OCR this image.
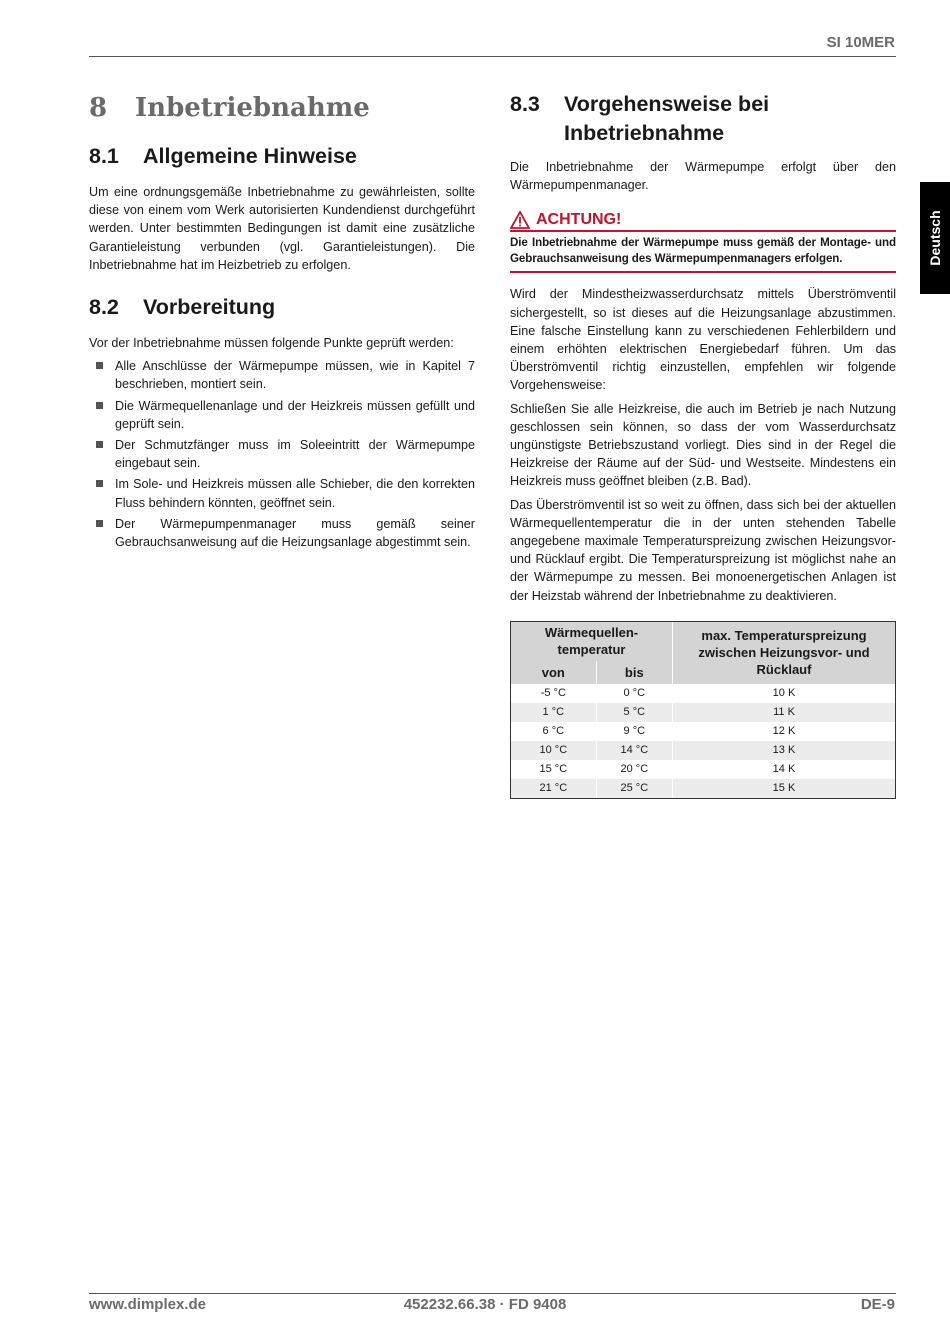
SI 10MER
Deutsch
8	Inbetriebnahme
8.1	Allgemeine Hinweise

Um eine ordnungsgemäße Inbetriebnahme zu gewährleisten, sollte diese von einem vom Werk autorisierten Kundendienst durchgeführt werden. Unter bestimmten Bedingungen ist damit eine zusätzliche Garantieleistung verbunden (vgl. Garantieleistungen). Die Inbetriebnahme hat im Heizbetrieb zu erfolgen.

8.2	Vorbereitung

Vor der Inbetriebnahme müssen folgende Punkte geprüft werden:

Alle Anschlüsse der Wärmepumpe müssen, wie in Kapitel 7 beschrieben, montiert sein.
Die Wärmequellenanlage und der Heizkreis müssen gefüllt und geprüft sein.
Der Schmutzfänger muss im Soleeintritt der Wärmepumpe eingebaut sein.
Im Sole- und Heizkreis müssen alle Schieber, die den korrekten Fluss behindern könnten, geöffnet sein.
Der Wärmepumpenmanager muss gemäß seiner Gebrauchsanweisung auf die Heizungsanlage abgestimmt sein.
8.3	Vorgehensweise bei
Inbetriebnahme

Die Inbetriebnahme der Wärmepumpe erfolgt über den Wärmepumpenmanager.

ACHTUNG!
Die Inbetriebnahme der Wärmepumpe muss gemäß der Montage- und Gebrauchsanweisung des Wärmepumpenmanagers erfolgen.

Wird der Mindestheizwasserdurchsatz mittels Überströmventil sichergestellt, so ist dieses auf die Heizungsanlage abzustimmen. Eine falsche Einstellung kann zu verschiedenen Fehlerbildern und einem erhöhten elektrischen Energiebedarf führen. Um das Überströmventil richtig einzustellen, empfehlen wir folgende Vorgehensweise:

Schließen Sie alle Heizkreise, die auch im Betrieb je nach Nutzung geschlossen sein können, so dass der vom Wasserdurchsatz ungünstigste Betriebszustand vorliegt. Dies sind in der Regel die Heizkreise der Räume auf der Süd- und Westseite. Mindestens ein Heizkreis muss geöffnet bleiben (z.B. Bad).

Das Überströmventil ist so weit zu öffnen, dass sich bei der aktuellen Wärmequellentemperatur die in der unten stehenden Tabelle angegebene maximale Temperaturspreizung zwischen Heizungsvor- und Rücklauf ergibt. Die Temperaturspreizung ist möglichst nahe an der Wärmepumpe zu messen. Bei monoenergetischen Anlagen ist der Heizstab während der Inbetriebnahme zu deaktivieren.

Wärmequellen-temperatur		max. Temperaturspreizung zwischen Heizungsvor- und Rücklauf
von	bis	
-5 °C	0 °C	10 K
1 °C	5 °C	11 K
6 °C	9 °C	12 K
10 °C	14 °C	13 K
15 °C	20 °C	14 K
21 °C	25 °C	15 K
www.dimplex.de	452232.66.38 · FD 9408	DE-9
